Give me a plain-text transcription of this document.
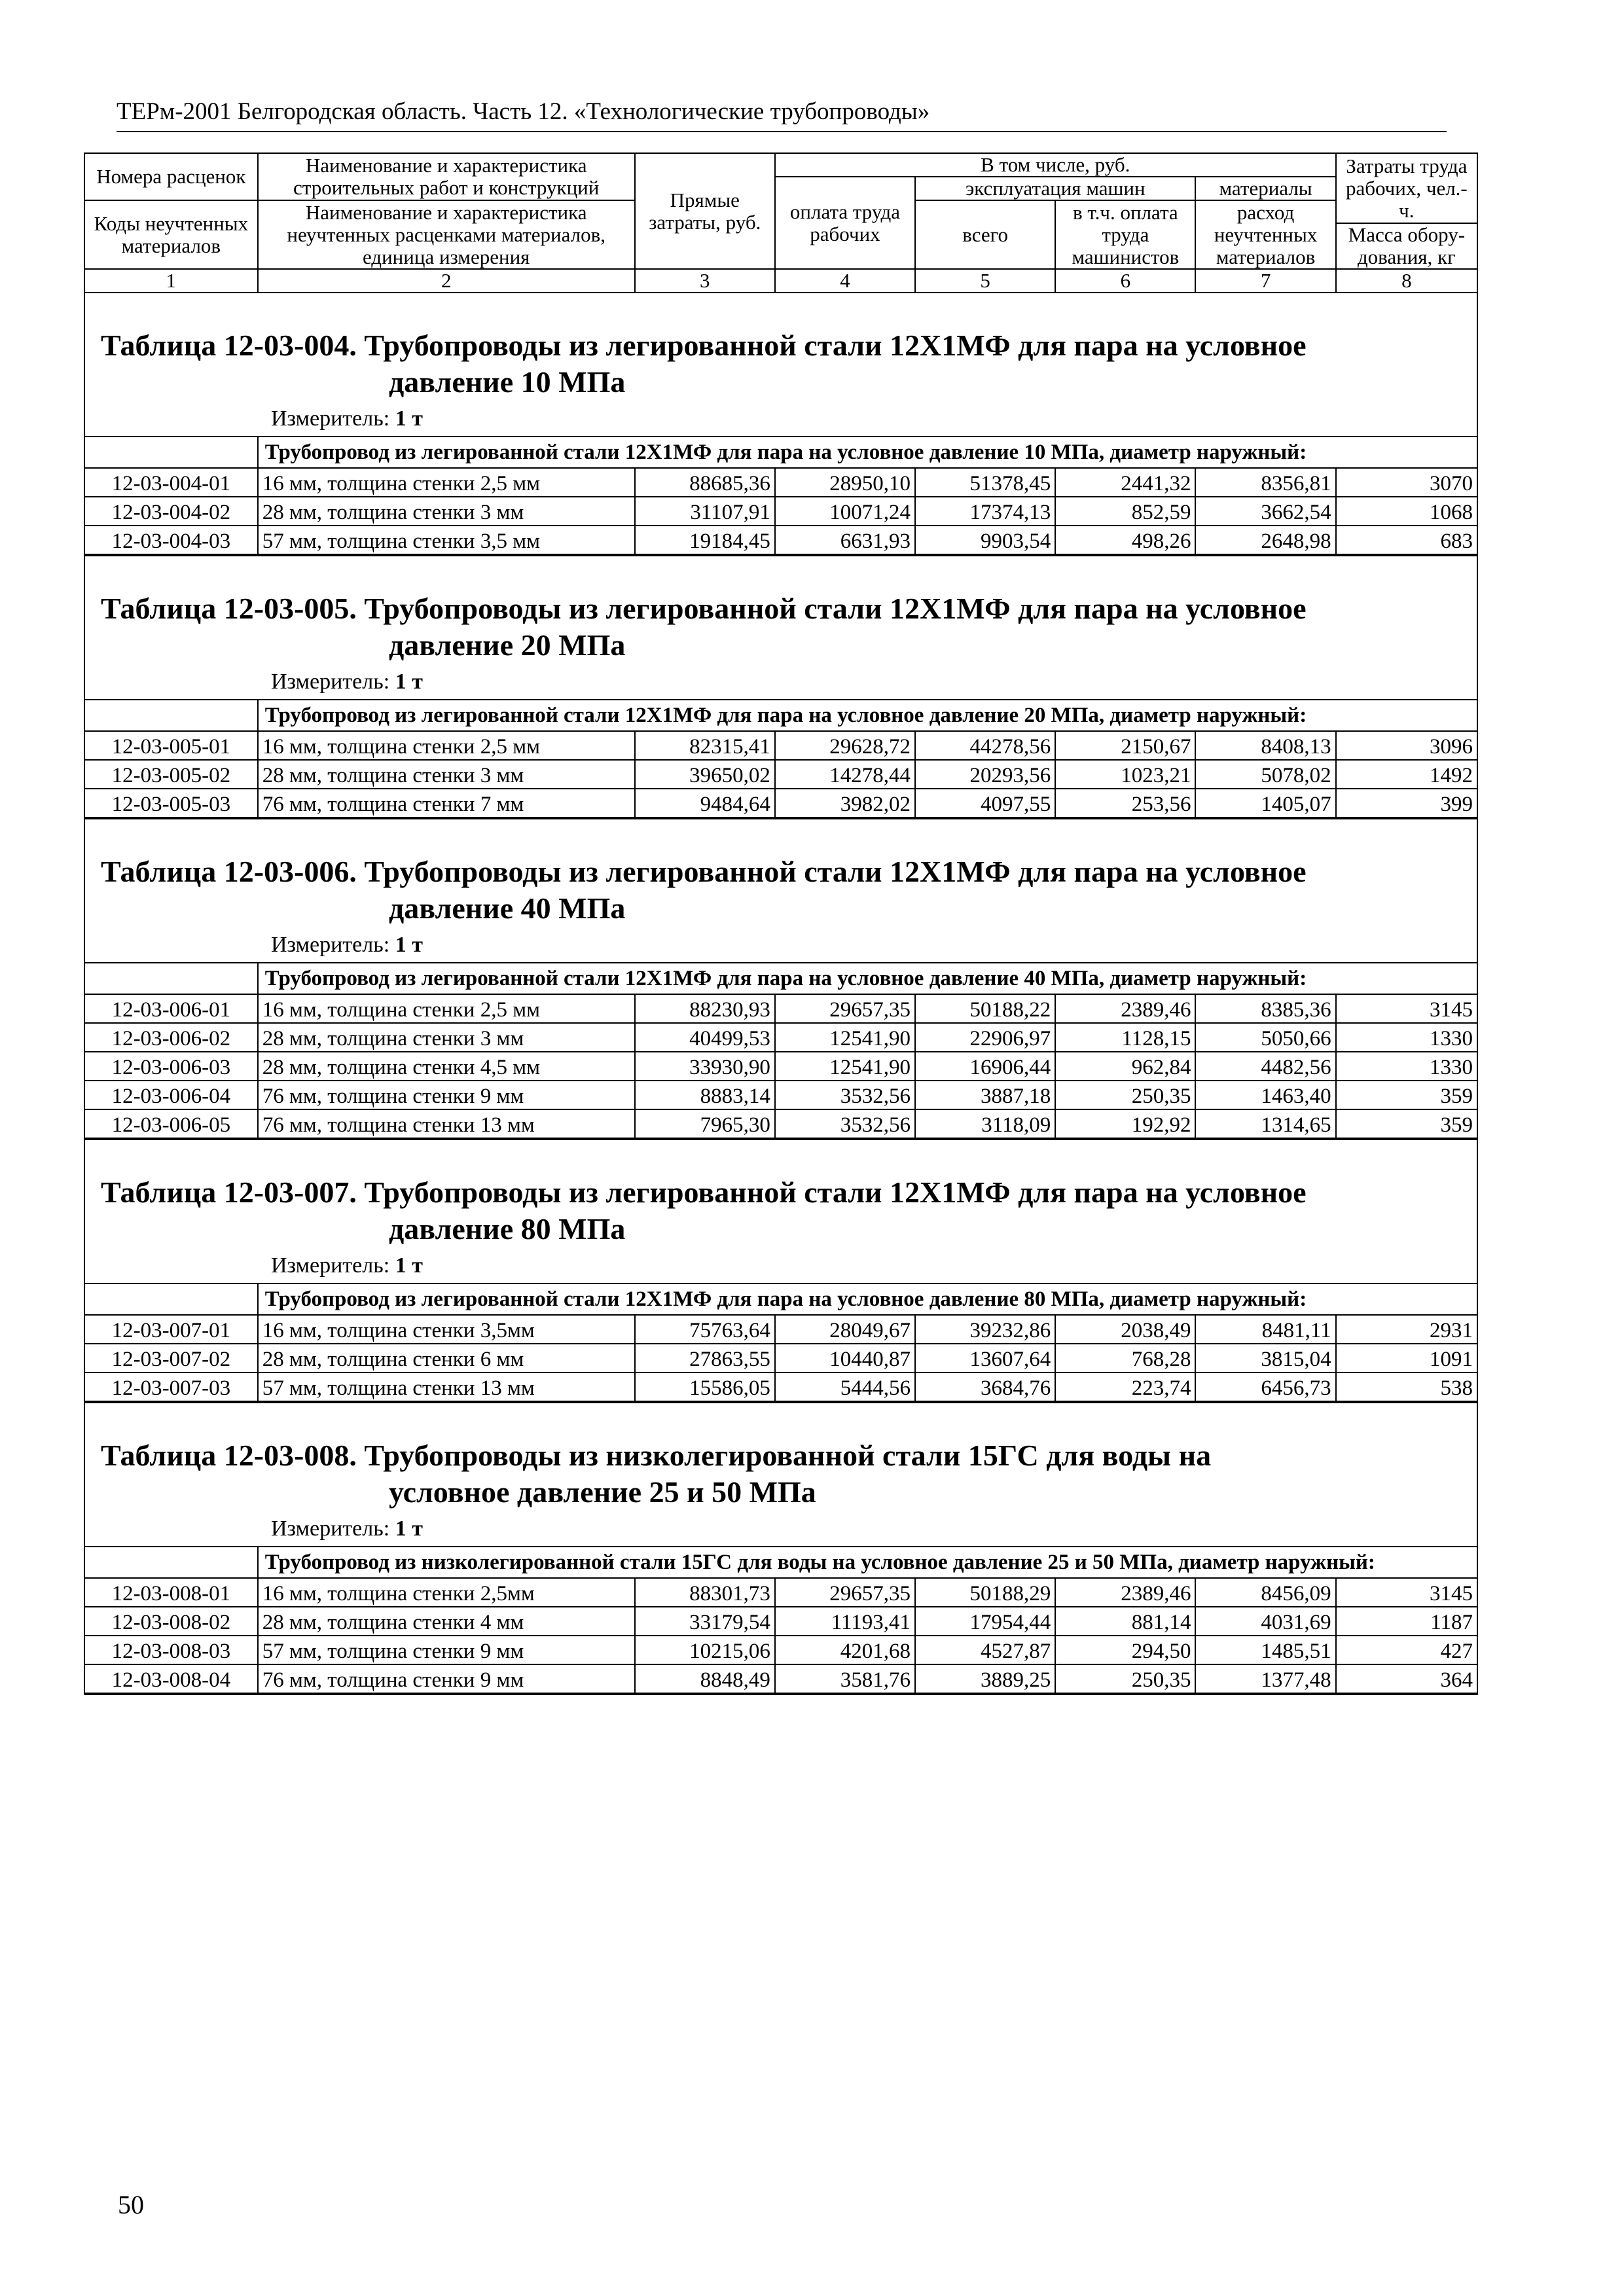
ТЕРм-2001 Белгородская область. Часть 12. «Технологические трубопроводы»
Номера расценок	Наименование и характеристика строительных работ и конструкций	Прямые затраты, руб.	В том числе, руб.				Затраты труда рабочих, чел.-ч.
			оплата труда рабочих	эксплуатация машин		материалы	
Коды неучтенных материалов	Наименование и характеристика неучтенных расценками материалов, единица измерения			всего	в т.ч. оплата труда машинистов	расход неучтенных материалов	
							Масса обору-дования, кг
1	2	3	4	5	6	7	8
Таблица 12-03-004. Трубопроводы из легированной стали 12Х1МФ для пара на условное
давление 10 МПа
Измеритель: 1 т
	Трубопровод из легированной стали 12Х1МФ для пара на условное давление 10 МПа, диаметр наружный:						
12-03-004-01	16 мм, толщина стенки 2,5 мм	88685,36	28950,10	51378,45	2441,32	8356,81	3070
12-03-004-02	28 мм, толщина стенки 3 мм	31107,91	10071,24	17374,13	852,59	3662,54	1068
12-03-004-03	57 мм, толщина стенки 3,5 мм	19184,45	6631,93	9903,54	498,26	2648,98	683
Таблица 12-03-005. Трубопроводы из легированной стали 12Х1МФ для пара на условное
давление 20 МПа
Измеритель: 1 т
	Трубопровод из легированной стали 12Х1МФ для пара на условное давление 20 МПа, диаметр наружный:						
12-03-005-01	16 мм, толщина стенки 2,5 мм	82315,41	29628,72	44278,56	2150,67	8408,13	3096
12-03-005-02	28 мм, толщина стенки 3 мм	39650,02	14278,44	20293,56	1023,21	5078,02	1492
12-03-005-03	76 мм, толщина стенки 7 мм	9484,64	3982,02	4097,55	253,56	1405,07	399
Таблица 12-03-006. Трубопроводы из легированной стали 12Х1МФ для пара на условное
давление 40 МПа
Измеритель: 1 т
	Трубопровод из легированной стали 12Х1МФ для пара на условное давление 40 МПа, диаметр наружный:						
12-03-006-01	16 мм, толщина стенки 2,5 мм	88230,93	29657,35	50188,22	2389,46	8385,36	3145
12-03-006-02	28 мм, толщина стенки 3 мм	40499,53	12541,90	22906,97	1128,15	5050,66	1330
12-03-006-03	28 мм, толщина стенки 4,5 мм	33930,90	12541,90	16906,44	962,84	4482,56	1330
12-03-006-04	76 мм, толщина стенки 9 мм	8883,14	3532,56	3887,18	250,35	1463,40	359
12-03-006-05	76 мм, толщина стенки 13 мм	7965,30	3532,56	3118,09	192,92	1314,65	359
Таблица 12-03-007. Трубопроводы из легированной стали 12Х1МФ для пара на условное
давление 80 МПа
Измеритель: 1 т
	Трубопровод из легированной стали 12Х1МФ для пара на условное давление 80 МПа, диаметр наружный:						
12-03-007-01	16 мм, толщина стенки 3,5мм	75763,64	28049,67	39232,86	2038,49	8481,11	2931
12-03-007-02	28 мм, толщина стенки 6 мм	27863,55	10440,87	13607,64	768,28	3815,04	1091
12-03-007-03	57 мм, толщина стенки 13 мм	15586,05	5444,56	3684,76	223,74	6456,73	538
Таблица 12-03-008. Трубопроводы из низколегированной стали 15ГС для воды на
условное давление 25 и 50 МПа
Измеритель: 1 т
	Трубопровод из низколегированной стали 15ГС для воды на условное давление 25 и 50 МПа, диаметр наружный:						
12-03-008-01	16 мм, толщина стенки 2,5мм	88301,73	29657,35	50188,29	2389,46	8456,09	3145
12-03-008-02	28 мм, толщина стенки 4 мм	33179,54	11193,41	17954,44	881,14	4031,69	1187
12-03-008-03	57 мм, толщина стенки 9 мм	10215,06	4201,68	4527,87	294,50	1485,51	427
12-03-008-04	76 мм, толщина стенки 9 мм	8848,49	3581,76	3889,25	250,35	1377,48	364
50
